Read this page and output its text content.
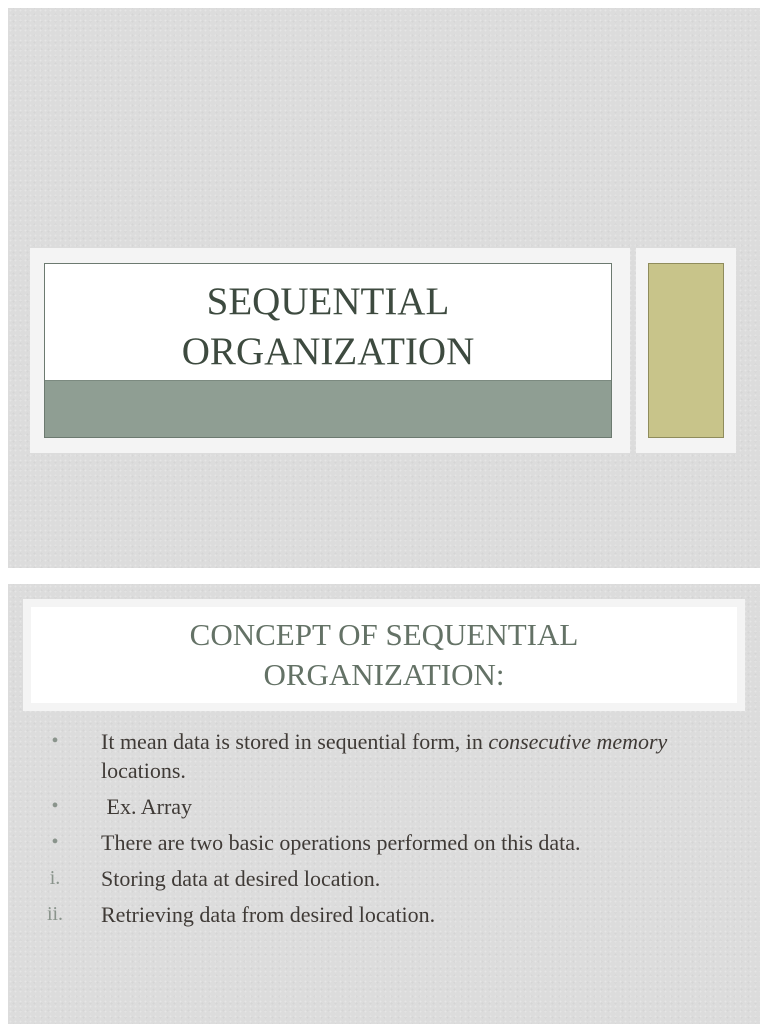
SEQUENTIAL
ORGANIZATION
CONCEPT OF SEQUENTIAL
ORGANIZATION:
•	It mean data is stored in sequential form, in consecutive memory locations.
•	Ex. Array
•	There are two basic operations performed on this data.
i.	Storing data at desired location.
ii.	Retrieving data from desired location.
